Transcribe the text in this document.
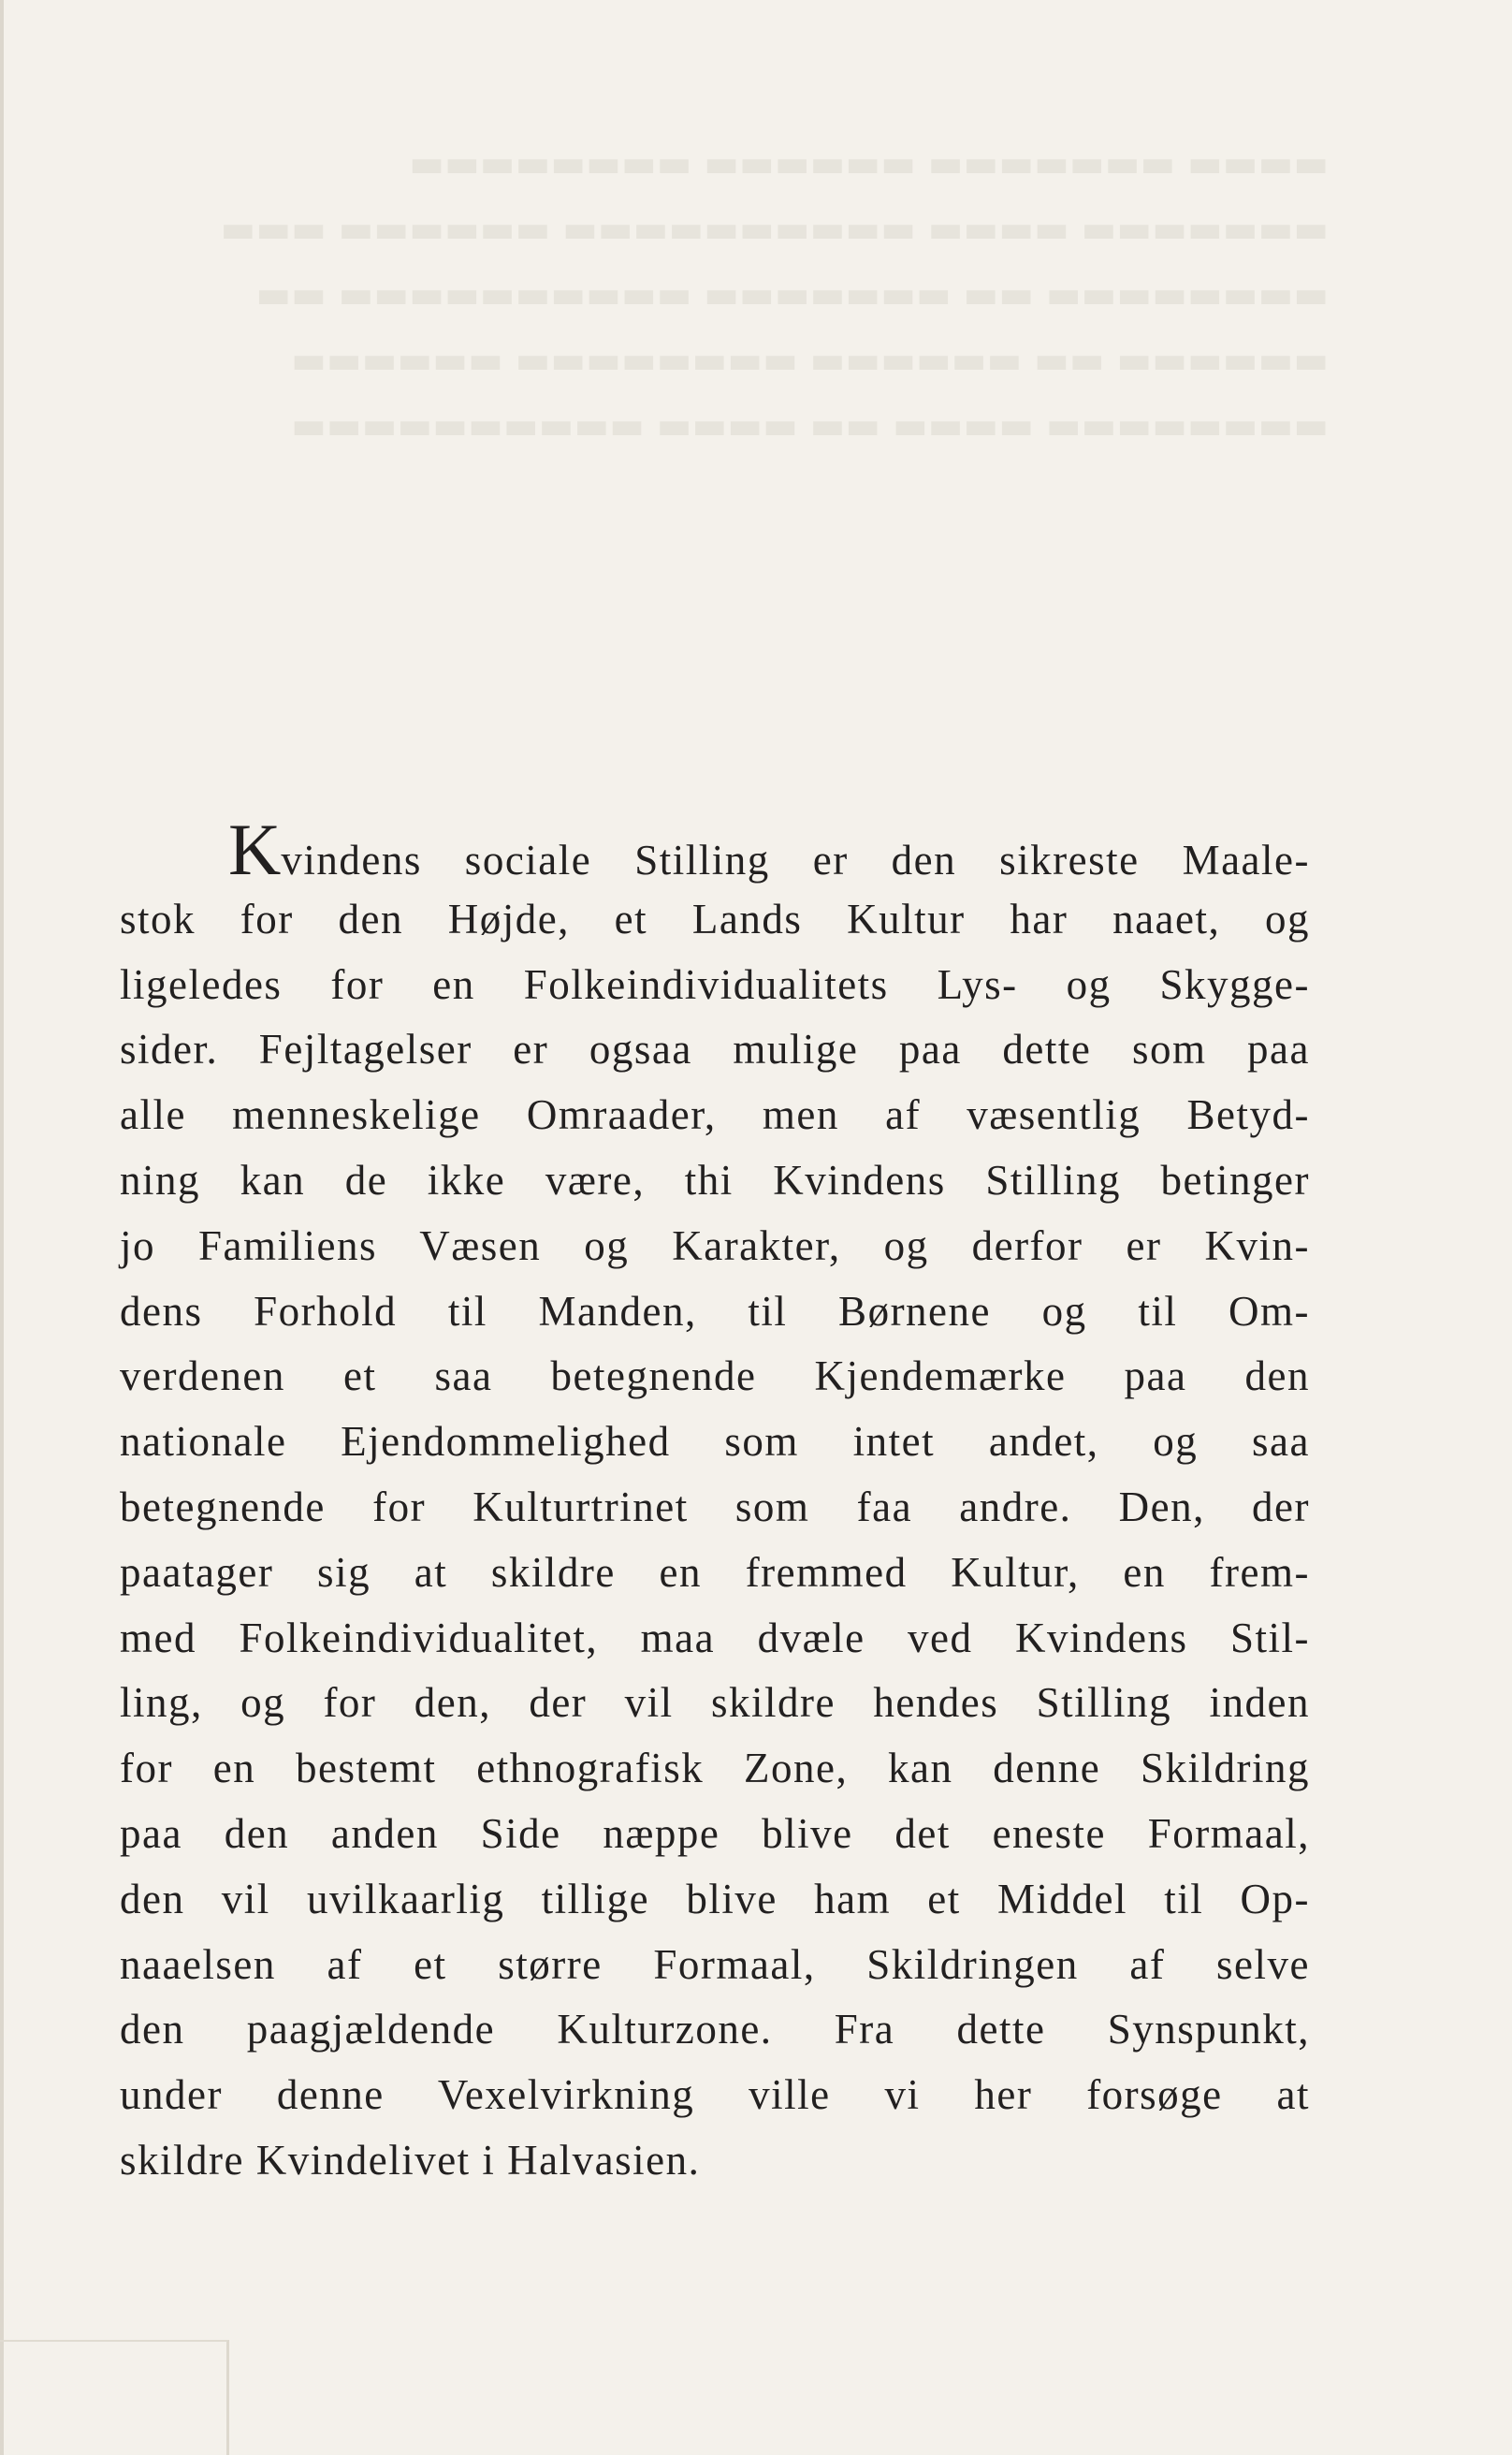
▬▬▬▬ ▬▬▬▬▬▬▬ ▬▬▬▬▬▬ ▬▬▬▬▬▬▬▬
▬▬▬▬▬▬▬ ▬▬▬▬ ▬▬▬▬▬▬▬▬▬▬ ▬▬▬▬▬▬ ▬▬▬
▬▬▬▬▬▬▬▬ ▬▬ ▬▬▬▬▬▬▬ ▬▬▬▬▬▬▬▬▬▬ ▬▬
▬▬▬▬▬▬ ▬▬ ▬▬▬▬▬▬ ▬▬▬▬▬▬▬▬ ▬▬▬▬▬▬
▬▬▬▬▬▬▬▬ ▬▬▬▬ ▬▬ ▬▬▬▬ ▬▬▬▬▬▬▬▬▬▬
Kvindens sociale Stilling er den sikreste Maale-
stok for den Højde, et Lands Kultur har naaet, og
ligeledes for en Folkeindividualitets Lys- og Skygge-
sider. Fejltagelser er ogsaa mulige paa dette som paa
alle menneskelige Omraader, men af væsentlig Betyd-
ning kan de ikke være, thi Kvindens Stilling betinger
jo Familiens Væsen og Karakter, og derfor er Kvin-
dens Forhold til Manden, til Børnene og til Om-
verdenen et saa betegnende Kjendemærke paa den
nationale Ejendommelighed som intet andet, og saa
betegnende for Kulturtrinet som faa andre. Den, der
paatager sig at skildre en fremmed Kultur, en frem-
med Folkeindividualitet, maa dvæle ved Kvindens Stil-
ling, og for den, der vil skildre hendes Stilling inden
for en bestemt ethnografisk Zone, kan denne Skildring
paa den anden Side næppe blive det eneste Formaal,
den vil uvilkaarlig tillige blive ham et Middel til Op-
naaelsen af et større Formaal, Skildringen af selve
den paagjældende Kulturzone. Fra dette Synspunkt,
under denne Vexelvirkning ville vi her forsøge at
skildre Kvindelivet i Halvasien.
